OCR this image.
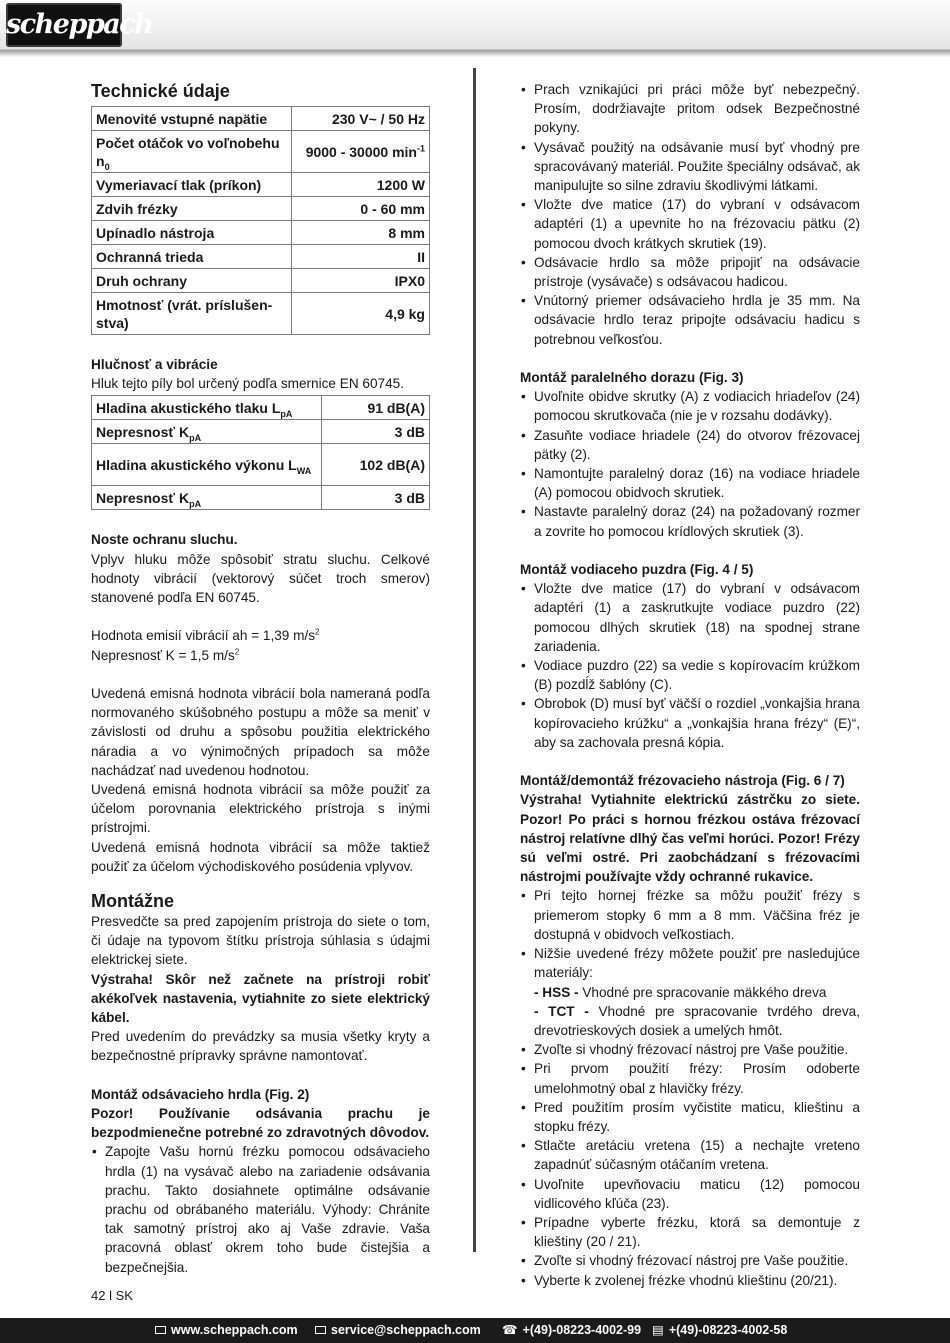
scheppach
Technické údaje
Menovité vstupné napätie	230 V~ / 50 Hz
Počet otáčok vo voľnobehu $n_0$	9000 - 30000 $\min^{-1}$
Vymeriavací tlak (príkon)	1200 W
Zdvih frézky	0 - 60 mm
Upínadlo nástroja	8 mm
Ochranná trieda	II
Druh ochrany	IPX0
Hmotnosť (vrát. príslušen-stva)	4,9 kg
Hlučnosť a vibrácie
Hluk tejto píly bol určený podľa smernice EN 60745.
Hladina akustického tlaku $L_{pA}$	91 dB(A)
Nepresnosť $K_{pA}$	3 dB
Hladina akustického výkonu $L_{WA}$	102 dB(A)
Nepresnosť $K_{pA}$	3 dB
Noste ochranu sluchu.
Vplyv hluku môže spôsobiť stratu sluchu. Celkové hodnoty vibrácií (vektorový súčet troch smerov) stanovené podľa EN 60745.
Hodnota emisií vibrácií ah = 1,39 $m/s^2$
Nepresnosť K = 1,5 $m/s^2$
Uvedená emisná hodnota vibrácií bola nameraná podľa normovaného skúšobného postupu a môže sa meniť v závislosti od druhu a spôsobu použitia elektrického náradia a vo výnimočných prípadoch sa môže nachádzať nad uvedenou hodnotou.
Uvedená emisná hodnota vibrácií sa môže použiť za účelom porovnania elektrického prístroja s inými prístrojmi.
Uvedená emisná hodnota vibrácií sa môže taktiež použiť za účelom východiskového posúdenia vplyvov.
Montážne
Presvedčte sa pred zapojením prístroja do siete o tom, či údaje na typovom štítku prístroja súhlasia s údajmi elektrickej siete.
Výstraha! Skôr než začnete na prístroji robiť akékoľvek nastavenia, vytiahnite zo siete elektrický kábel.
Pred uvedením do prevádzky sa musia všetky kryty a bezpečnostné prípravky správne namontovať.
Montáž odsávacieho hrdla (Fig. 2)
Pozor! Používanie odsávania prachu je bezpodmienečne potrebné zo zdravotných dôvodov.
• Zapojte Vašu hornú frézku pomocou odsávacieho hrdla (1) na vysávač alebo na zariadenie odsávania prachu. Takto dosiahnete optimálne odsávanie prachu od obrábaného materiálu. Výhody: Chránite tak samotný prístroj ako aj Vaše zdravie. Vaša pracovná oblasť okrem toho bude čistejšia a bezpečnejšia.
• Prach vznikajúci pri práci môže byť nebezpečný. Prosím, dodržiavajte pritom odsek Bezpečnostné pokyny.
• Vysávač použitý na odsávanie musí byť vhodný pre spracovávaný materiál. Použite špeciálny odsávač, ak manipulujte so silne zdraviu škodlivými látkami.
• Vložte dve matice (17) do vybraní v odsávacom adaptéri (1) a upevnite ho na frézovaciu pätku (2) pomocou dvoch krátkych skrutiek (19).
• Odsávacie hrdlo sa môže pripojiť na odsávacie prístroje (vysávače) s odsávacou hadicou.
• Vnútorný priemer odsávacieho hrdla je 35 mm. Na odsávacie hrdlo teraz pripojte odsávaciu hadicu s potrebnou veľkosťou.
Montáž paralelného dorazu (Fig. 3)
• Uvoľnite obidve skrutky (A) z vodiacich hriadeľov (24) pomocou skrutkovača (nie je v rozsahu dodávky).
• Zasuňte vodiace hriadele (24) do otvorov frézovacej pätky (2).
• Namontujte paralelný doraz (16) na vodiace hriadele (A) pomocou obidvoch skrutiek.
• Nastavte paralelný doraz (24) na požadovaný rozmer a zovrite ho pomocou krídlových skrutiek (3).
Montáž vodiaceho puzdra (Fig. 4 / 5)
• Vložte dve matice (17) do vybraní v odsávacom adaptéri (1) a zaskrutkujte vodiace puzdro (22) pomocou dlhých skrutiek (18) na spodnej strane zariadenia.
• Vodiace puzdro (22) sa vedie s kopírovacím krúžkom (B) pozdĺž šablóny (C).
• Obrobok (D) musí byť väčší o rozdiel „vonkajšia hrana kopírovacieho krúžku“ a „vonkajšia hrana frézy“ (E)“, aby sa zachovala presná kópia.
Montáž/demontáž frézovacieho nástroja (Fig. 6 / 7)
Výstraha! Vytiahnite elektrickú zástrčku zo siete. Pozor! Po práci s hornou frézkou ostáva frézovací nástroj relatívne dlhý čas veľmi horúci. Pozor! Frézy sú veľmi ostré. Pri zaobchádzaní s frézovacími nástrojmi používajte vždy ochranné rukavice.
• Pri tejto hornej frézke sa môžu použiť frézy s priemerom stopky 6 mm a 8 mm. Väčšina fréz je dostupná v obidvoch veľkostiach.
• Nižšie uvedené frézy môžete použiť pre nasledujúce materiály:
- HSS - Vhodné pre spracovanie mäkkého dreva
- TCT - Vhodné pre spracovanie tvrdého dreva, drevotrieskových dosiek a umelých hmôt.
• Zvoľte si vhodný frézovací nástroj pre Vaše použitie.
• Pri prvom použití frézy: Prosím odoberte umelohmotný obal z hlavičky frézy.
• Pred použitím prosím vyčistite maticu, klieštinu a stopku frézy.
• Stlačte aretáciu vretena (15) a nechajte vreteno zapadnúť súčasným otáčaním vretena.
• Uvoľnite upevňovaciu maticu (12) pomocou vidlicového kľúča (23).
• Prípadne vyberte frézku, ktorá sa demontuje z klieštiny (20 / 21).
• Zvoľte si vhodný frézovací nástroj pre Vaše použitie.
• Vyberte k zvolenej frézke vhodnú klieštinu (20/21).
42 l SK
www.scheppach.com	service@scheppach.com ☎ +(49)-08223-4002-99 ▤ +(49)-08223-4002-58
